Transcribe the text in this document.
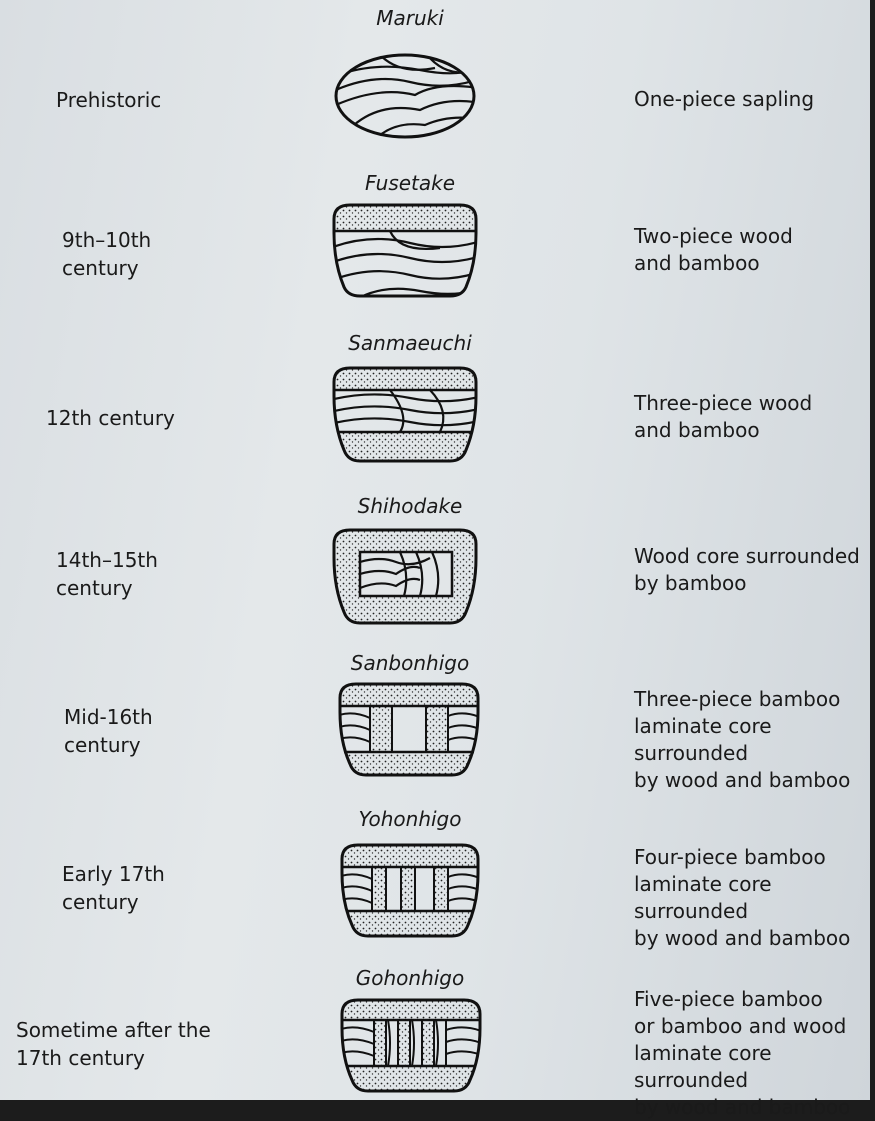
Maruki
Prehistoric	One-piece sapling
Fusetake
9th–10th
century
Two-piece wood
and bamboo
Sanmaeuchi
12th century
Three-piece wood
and bamboo
Shihodake
14th–15th
century
Wood core surrounded
by bamboo
Sanbonhigo
Mid-16th
century
Three-piece bamboo
laminate core surrounded
by wood and bamboo
Yohonhigo
Early 17th
century
Four-piece bamboo
laminate core surrounded
by wood and bamboo
Gohonhigo
Sometime after the
17th century
Five-piece bamboo
or bamboo and wood
laminate core surrounded
by wood and bamboo
